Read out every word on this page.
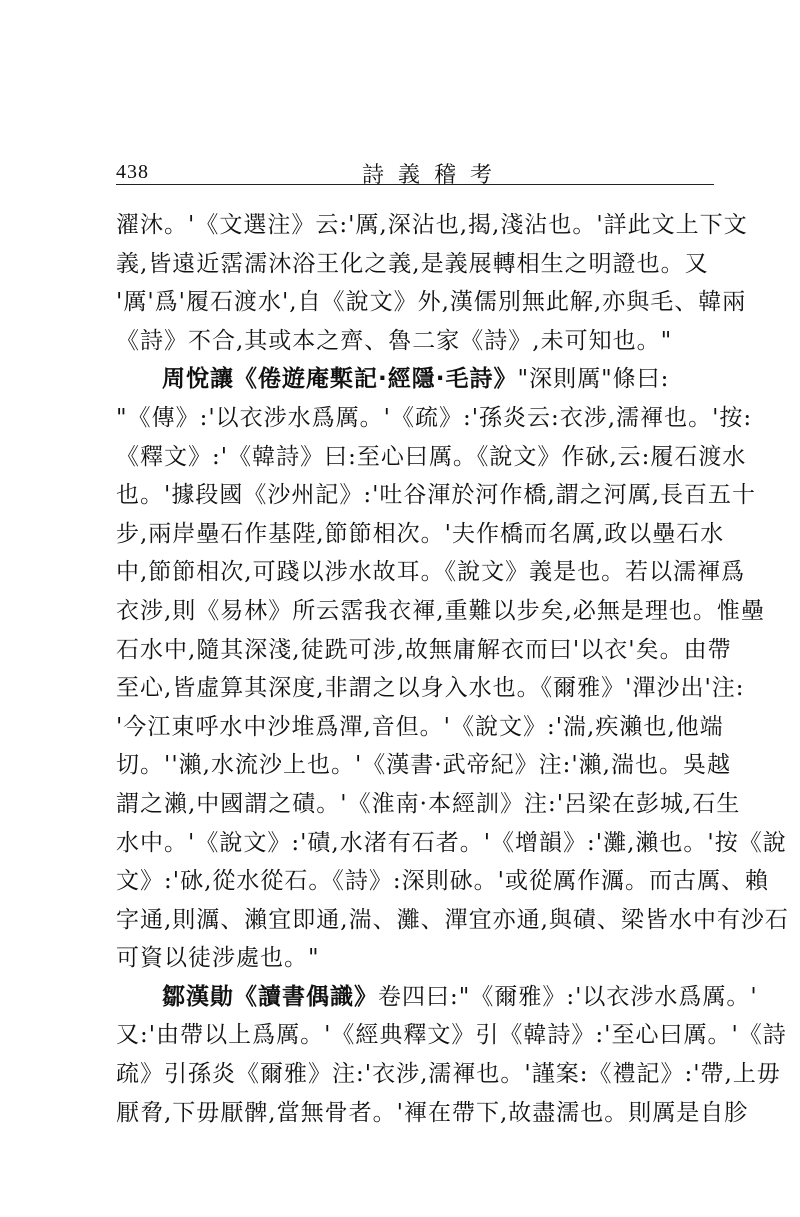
438	詩義稽考
濯沐。'《文選注》云:'厲,深沾也,揭,淺沾也。'詳此文上下文
義,皆遠近霑濡沐浴王化之義,是義展轉相生之明證也。又
'厲'爲'履石渡水',自《說文》外,漢儒別無此解,亦與毛、韓兩
《詩》不合,其或本之齊、魯二家《詩》,未可知也。"
周悅讓《倦遊庵槧記·經隱·毛詩》"深則厲"條曰:
"《傳》:'以衣涉水爲厲。'《疏》:'孫炎云:衣涉,濡褌也。'按:
《釋文》:'《韓詩》曰:至心曰厲。《說文》作砅,云:履石渡水
也。'據段國《沙州記》:'吐谷渾於河作橋,謂之河厲,長百五十
步,兩岸壘石作基陛,節節相次。'夫作橋而名厲,政以壘石水
中,節節相次,可踐以涉水故耳。《說文》義是也。若以濡褌爲
衣涉,則《易林》所云霑我衣褌,重難以步矣,必無是理也。惟壘
石水中,隨其深淺,徒跣可涉,故無庸解衣而曰'以衣'矣。由帶
至心,皆虛算其深度,非謂之以身入水也。《爾雅》'潬沙出'注:
'今江東呼水中沙堆爲潬,音但。'《說文》:'湍,疾瀨也,他端
切。''瀨,水流沙上也。'《漢書·武帝紀》注:'瀨,湍也。吳越
謂之瀨,中國謂之磧。'《淮南·本經訓》注:'呂梁在彭城,石生
水中。'《說文》:'磧,水渚有石者。'《增韻》:'灘,瀨也。'按《說
文》:'砅,從水從石。《詩》:深則砅。'或從厲作濿。而古厲、賴
字通,則濿、瀨宜即通,湍、灘、潬宜亦通,與磧、梁皆水中有沙石
可資以徒涉處也。"
鄒漢勛《讀書偶識》卷四曰:"《爾雅》:'以衣涉水爲厲。'
又:'由帶以上爲厲。'《經典釋文》引《韓詩》:'至心曰厲。'《詩
疏》引孫炎《爾雅》注:'衣涉,濡褌也。'謹案:《禮記》:'帶,上毋
厭脅,下毋厭髀,當無骨者。'褌在帶下,故盡濡也。則厲是自胗
